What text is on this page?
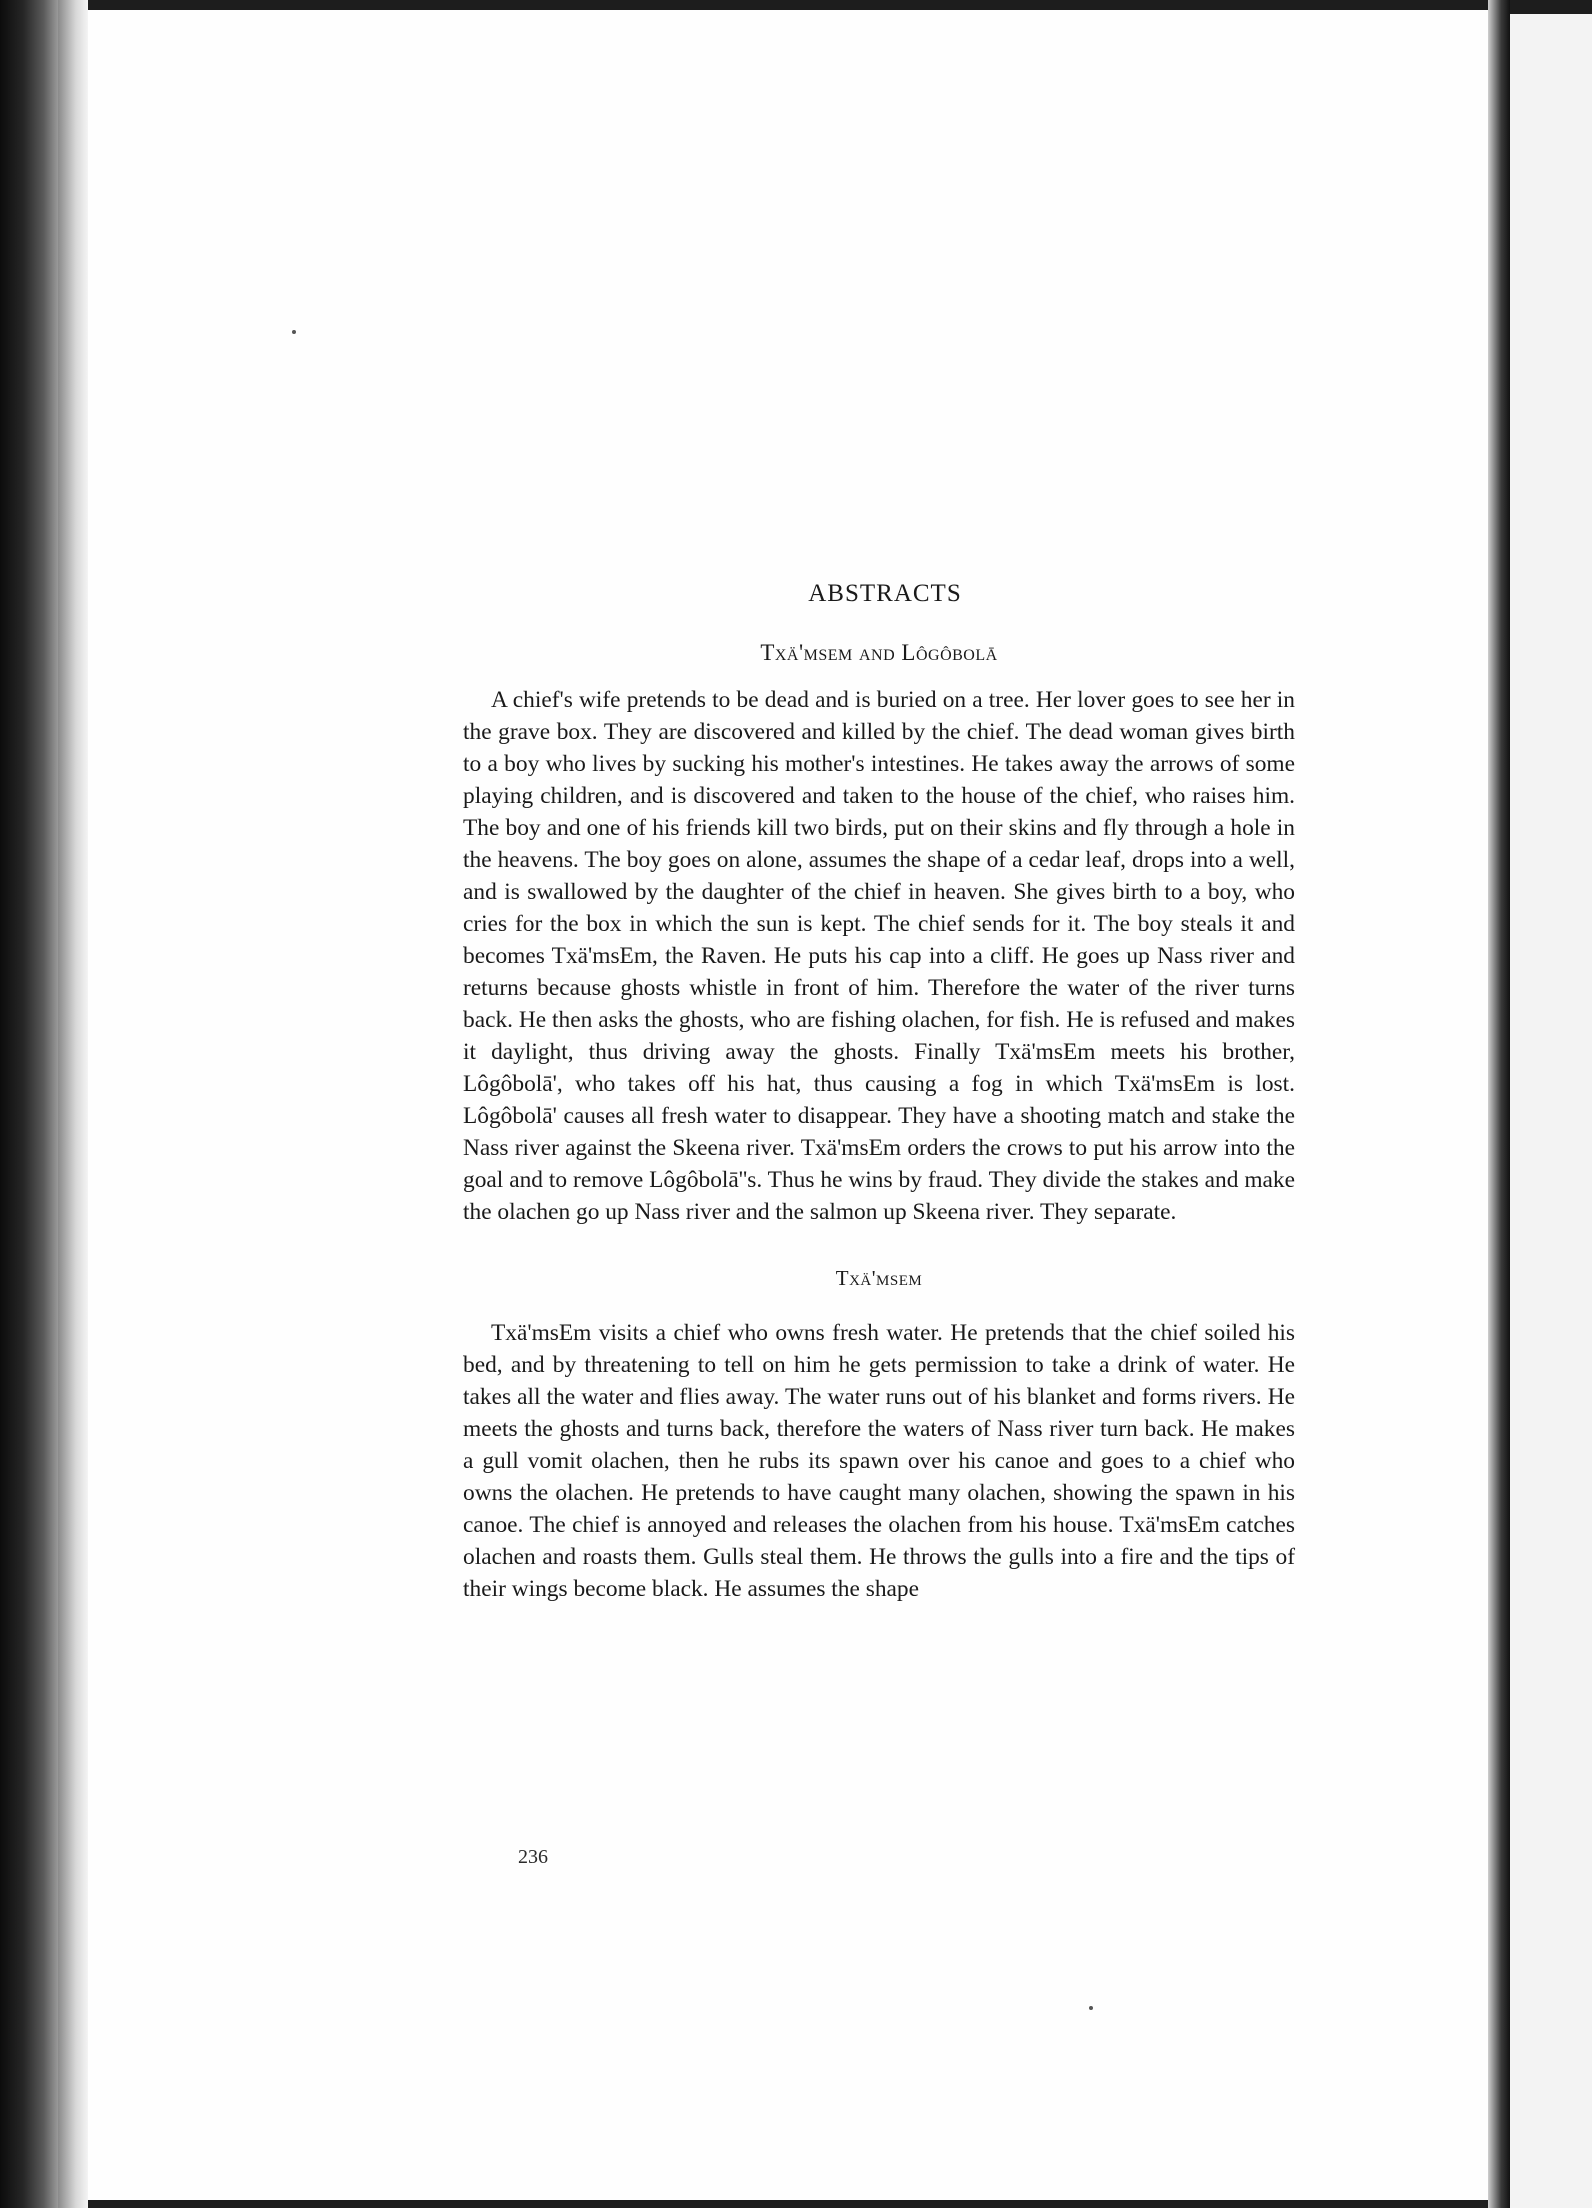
ABSTRACTS
Txä'msem and Lôgôbolā

A chief's wife pretends to be dead and is buried on a tree. Her lover goes to see her in the grave box. They are discovered and killed by the chief. The dead woman gives birth to a boy who lives by sucking his mother's intestines. He takes away the arrows of some playing children, and is discovered and taken to the house of the chief, who raises him. The boy and one of his friends kill two birds, put on their skins and fly through a hole in the heavens. The boy goes on alone, assumes the shape of a cedar leaf, drops into a well, and is swallowed by the daughter of the chief in heaven. She gives birth to a boy, who cries for the box in which the sun is kept. The chief sends for it. The boy steals it and becomes Txä'msEm, the Raven. He puts his cap into a cliff. He goes up Nass river and returns because ghosts whistle in front of him. Therefore the water of the river turns back. He then asks the ghosts, who are fishing olachen, for fish. He is refused and makes it daylight, thus driving away the ghosts. Finally Txä'msEm meets his brother, Lôgôbolā', who takes off his hat, thus causing a fog in which Txä'msEm is lost. Lôgôbolā' causes all fresh water to disappear. They have a shooting match and stake the Nass river against the Skeena river. Txä'msEm orders the crows to put his arrow into the goal and to remove Lôgôbolā''s. Thus he wins by fraud. They divide the stakes and make the olachen go up Nass river and the salmon up Skeena river. They separate.

Txä'msem

Txä'msEm visits a chief who owns fresh water. He pretends that the chief soiled his bed, and by threatening to tell on him he gets permission to take a drink of water. He takes all the water and flies away. The water runs out of his blanket and forms rivers. He meets the ghosts and turns back, therefore the waters of Nass river turn back. He makes a gull vomit olachen, then he rubs its spawn over his canoe and goes to a chief who owns the olachen. He pretends to have caught many olachen, showing the spawn in his canoe. The chief is annoyed and releases the olachen from his house. Txä'msEm catches olachen and roasts them. Gulls steal them. He throws the gulls into a fire and the tips of their wings become black. He assumes the shape

236
